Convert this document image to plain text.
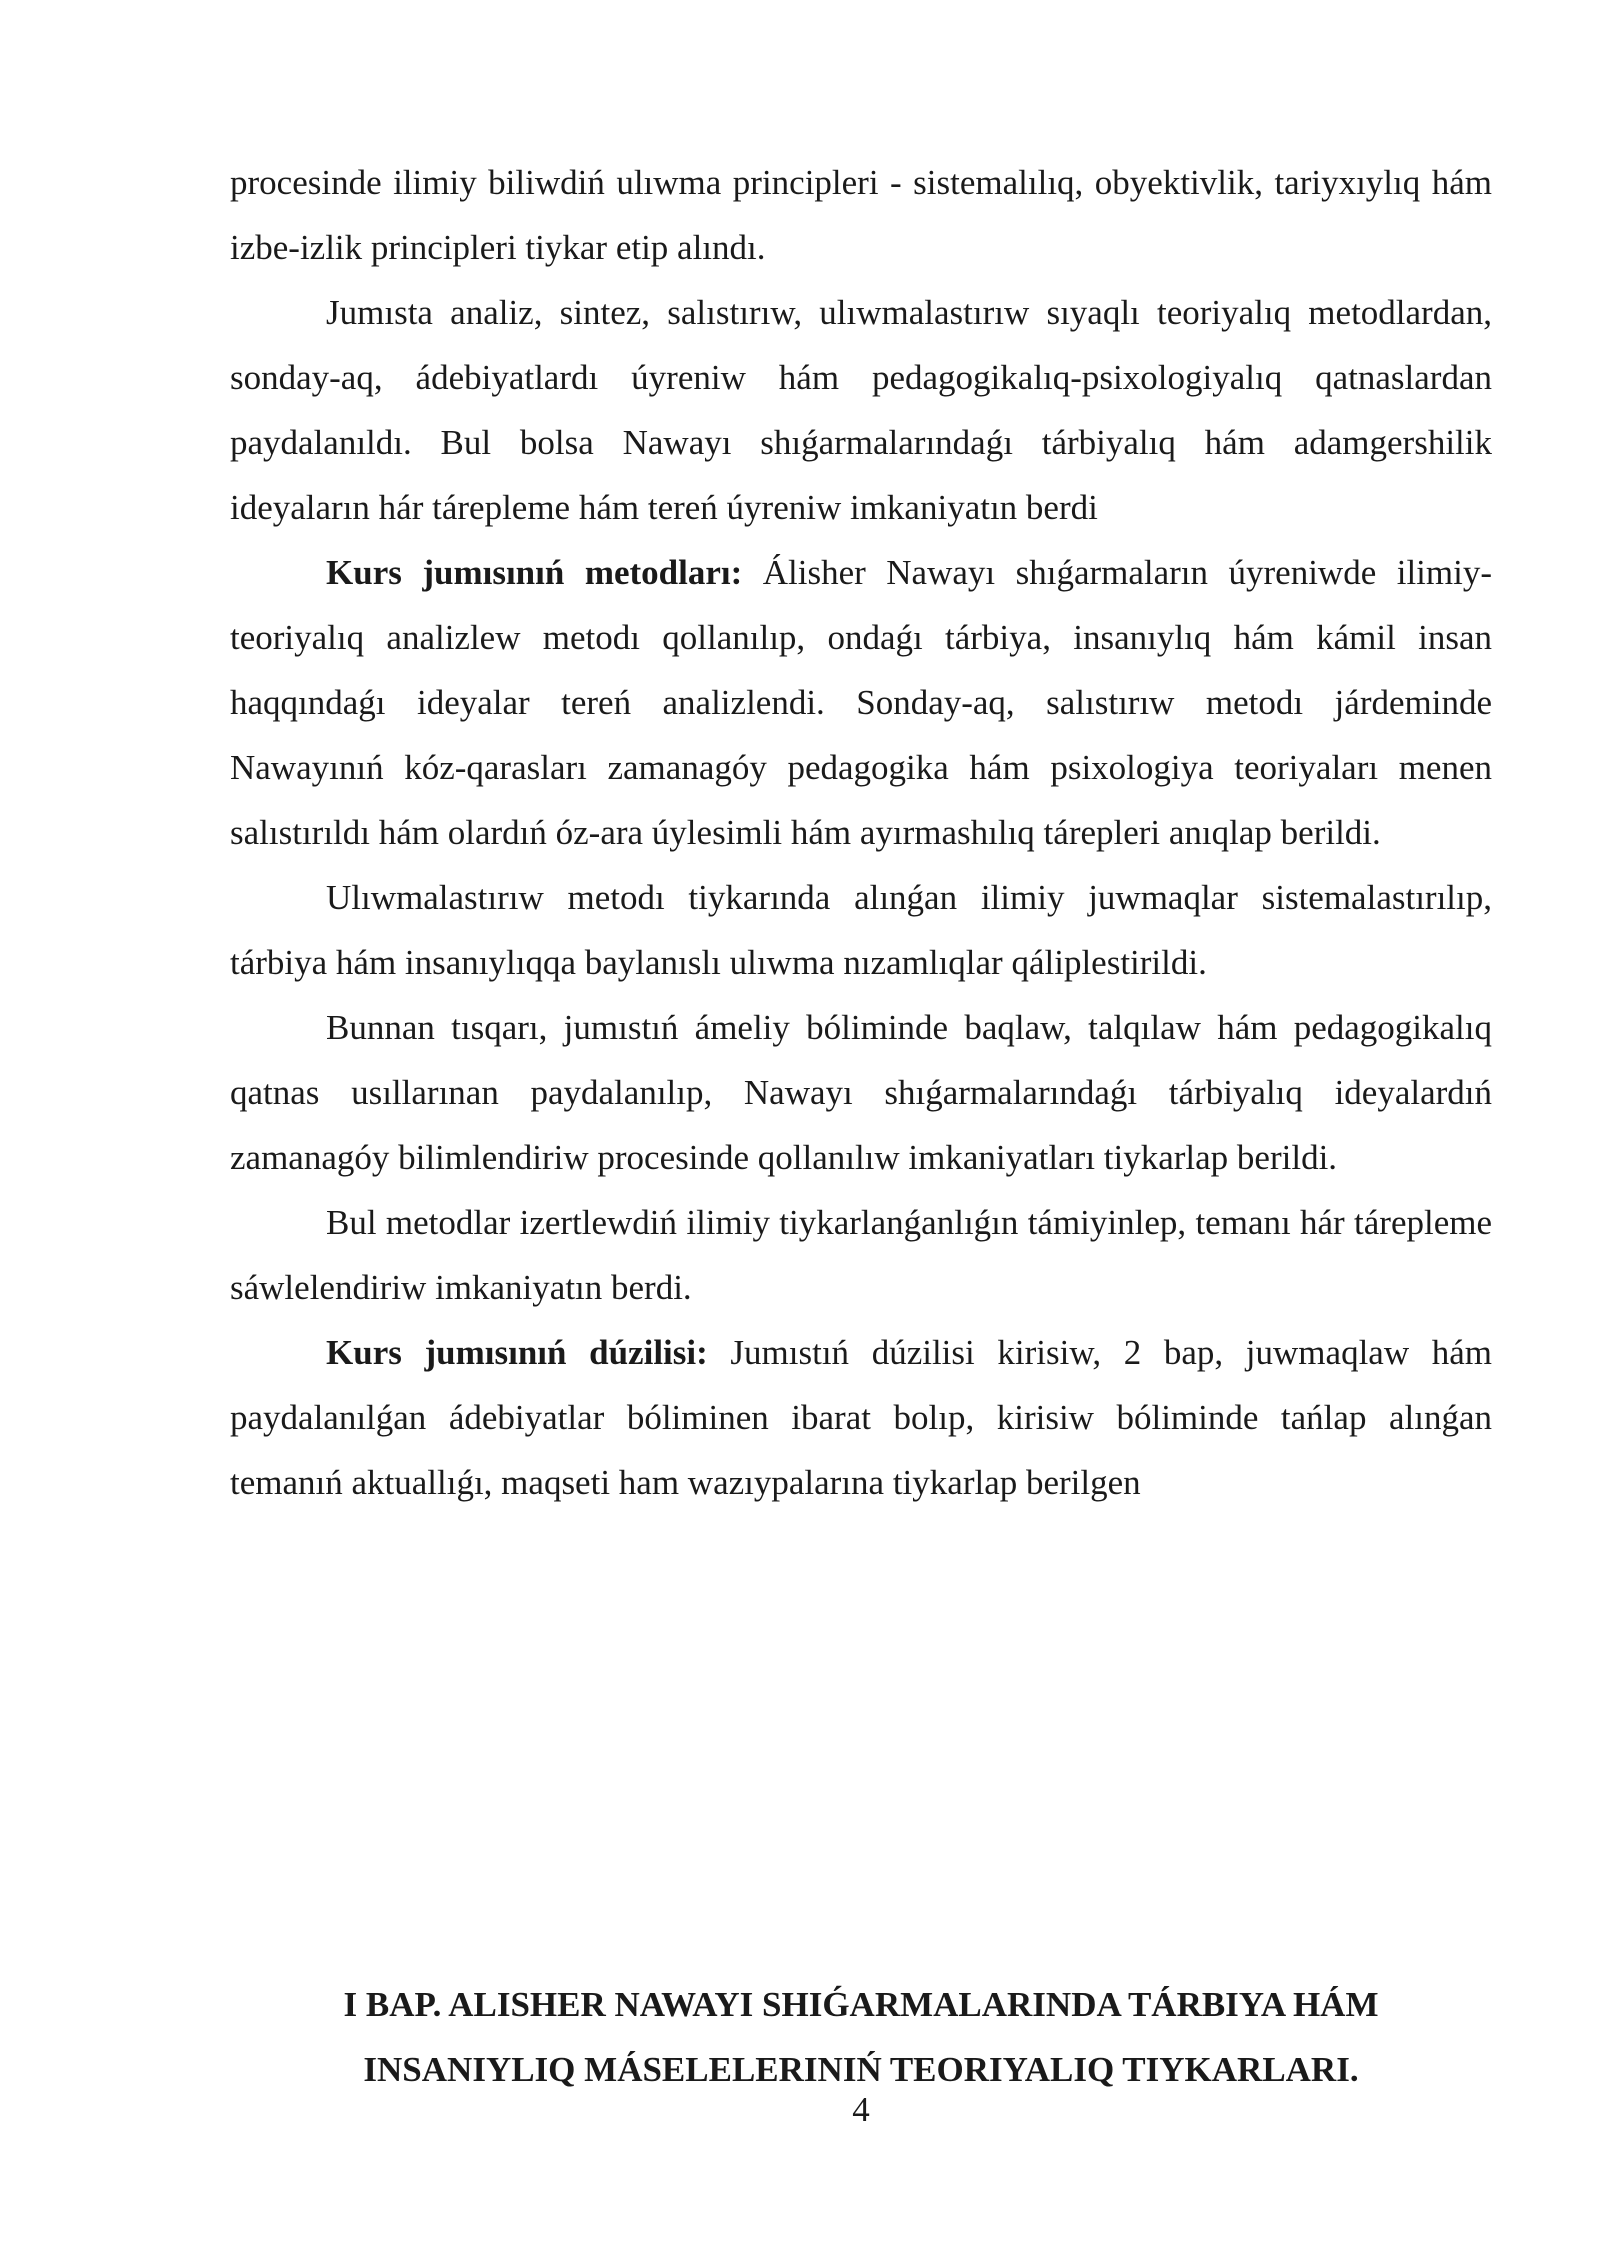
procesinde ilimiy biliwdiń ulıwma principleri - sistemalılıq, obyektivlik, tariyxıylıq hám izbe-izlik principleri tiykar etip alındı.

Jumısta analiz, sintez, salıstırıw, ulıwmalastırıw sıyaqlı teoriyalıq metodlardan, sonday-aq, ádebiyatlardı úyreniw hám pedagogikalıq-psixologiyalıq qatnaslardan paydalanıldı. Bul bolsa Nawayı shıǵarmalarındaǵı tárbiyalıq hám adamgershilik ideyaların hár tárepleme hám tereń úyreniw imkaniyatın berdi

Kurs jumısınıń metodları: Álisher Nawayı shıǵarmaların úyreniwde ilimiy-teoriyalıq analizlew metodı qollanılıp, ondaǵı tárbiya, insanıylıq hám kámil insan haqqındaǵı ideyalar tereń analizlendi. Sonday-aq, salıstırıw metodı járdeminde Nawayınıń kóz-qarasları zamanagóy pedagogika hám psixologiya teoriyaları menen salıstırıldı hám olardıń óz-ara úylesimli hám ayırmashılıq tárepleri anıqlap berildi.

Ulıwmalastırıw metodı tiykarında alınǵan ilimiy juwmaqlar sistemalastırılıp, tárbiya hám insanıylıqqa baylanıslı ulıwma nızamlıqlar qáliplestirildi.

Bunnan tısqarı, jumıstıń ámeliy bóliminde baqlaw, talqılaw hám pedagogikalıq qatnas usıllarınan paydalanılıp, Nawayı shıǵarmalarındaǵı tárbiyalıq ideyalardıń zamanagóy bilimlendiriw procesinde qollanılıw imkaniyatları tiykarlap berildi.

Bul metodlar izertlewdiń ilimiy tiykarlanǵanlıǵın támiyinlep, temanı hár tárepleme sáwlelendiriw imkaniyatın berdi.

Kurs jumısınıń dúzilisi: Jumıstıń dúzilisi kirisiw, 2 bap, juwmaqlaw hám paydalanılǵan ádebiyatlar bóliminen ibarat bolıp, kirisiw bóliminde tańlap alınǵan temanıń aktuallıǵı, maqseti ham wazıypalarına tiykarlap berilgen

I BAP. ALISHER NAWAYI SHIǴARMALARINDA TÁRBIYA HÁM
INSANIYLIQ MÁSELELERINIŃ TEORIYALIQ TIYKARLARI.
4
